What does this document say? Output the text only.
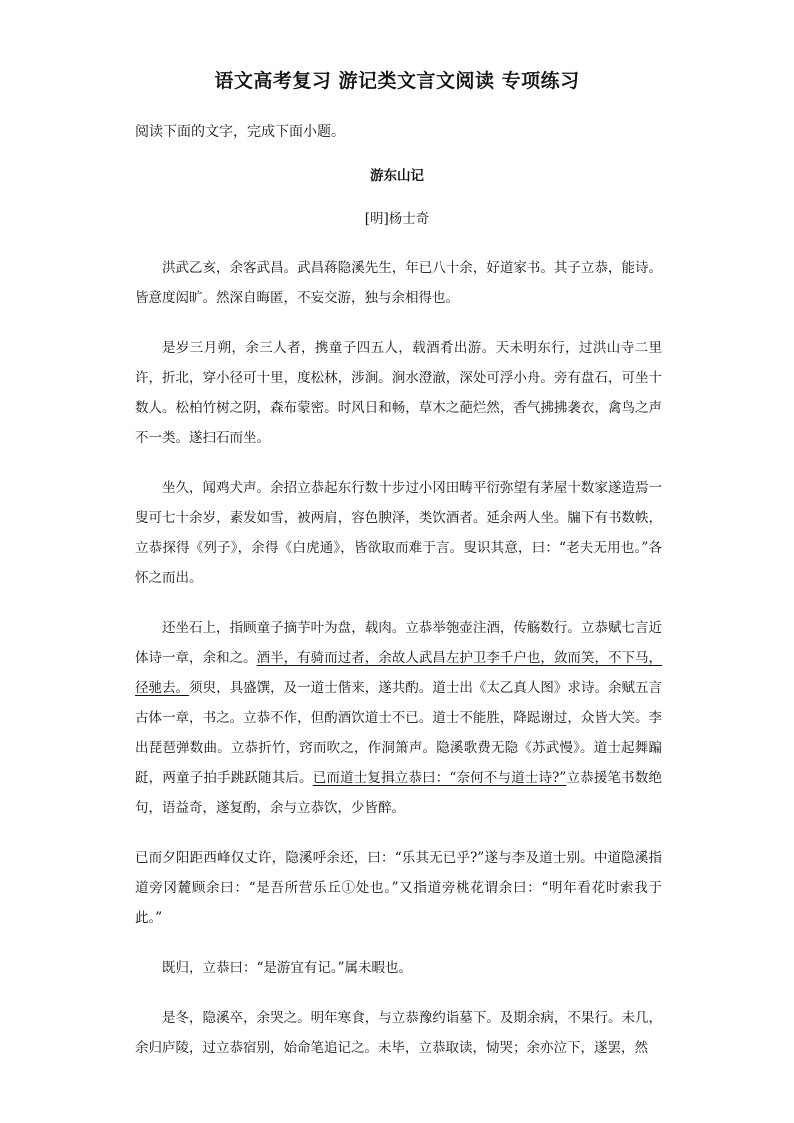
语文高考复习 游记类文言文阅读 专项练习
阅读下面的文字，完成下面小题。
游东山记
[明]杨士奇

洪武乙亥，余客武昌。武昌蒋隐溪先生，年已八十余，好道家书。其子立恭，能诗。皆意度闳旷。然深自晦匿，不妄交游，独与余相得也。

是岁三月朔，余三人者，携童子四五人，载酒肴出游。天未明东行，过洪山寺二里许，折北，穿小径可十里，度松林，涉涧。涧水澄澈，深处可浮小舟。旁有盘石，可坐十数人。松柏竹树之阴，森布蒙密。时风日和畅，草木之葩烂然，香气拂拂袭衣，禽鸟之声不一类。遂扫石而坐。

坐久，闻鸡犬声。余招立恭起东行数十步过小冈田畴平衍弥望有茅屋十数家遂造焉一叟可七十余岁，素发如雪，被两肩，容色腴泽，类饮酒者。延余两人坐。牖下有书数帙，立恭探得《列子》，余得《白虎通》，皆欲取而难于言。叟识其意，曰：“老夫无用也。”各怀之而出。

还坐石上，指顾童子摘芋叶为盘，载肉。立恭举匏壶注酒，传觞数行。立恭赋七言近体诗一章，余和之。酒半，有骑而过者，余故人武昌左护卫李千户也，敛而笑，不下马，径驰去。须臾，具盛馔，及一道士偕来，遂共酌。道士出《太乙真人图》求诗。余赋五言古体一章，书之。立恭不作，但酌酒饮道士不已。道士不能胜，降跽谢过，众皆大笑。李出琵琶弹数曲。立恭折竹，窍而吹之，作洞箫声。隐溪歌费无隐《苏武慢》。道士起舞蹁跹，两童子拍手跳跃随其后。已而道士复揖立恭曰：“奈何不与道士诗?”立恭援笔书数绝句，语益奇，遂复酌，余与立恭饮，少皆醉。

已而夕阳距西峰仅丈许，隐溪呼余还，曰：“乐其无已乎?”遂与李及道士别。中道隐溪指道旁冈麓顾余曰：“是吾所营乐丘①处也。”又指道旁桃花谓余曰：“明年看花时索我于此。”

既归，立恭曰：“是游宜有记。”属未暇也。

是冬，隐溪卒，余哭之。明年寒食，与立恭豫约诣墓下。及期余病，不果行。未几，余归庐陵，过立恭宿别，始命笔追记之。未毕，立恭取读，恸哭；余亦泣下，遂罢，然
